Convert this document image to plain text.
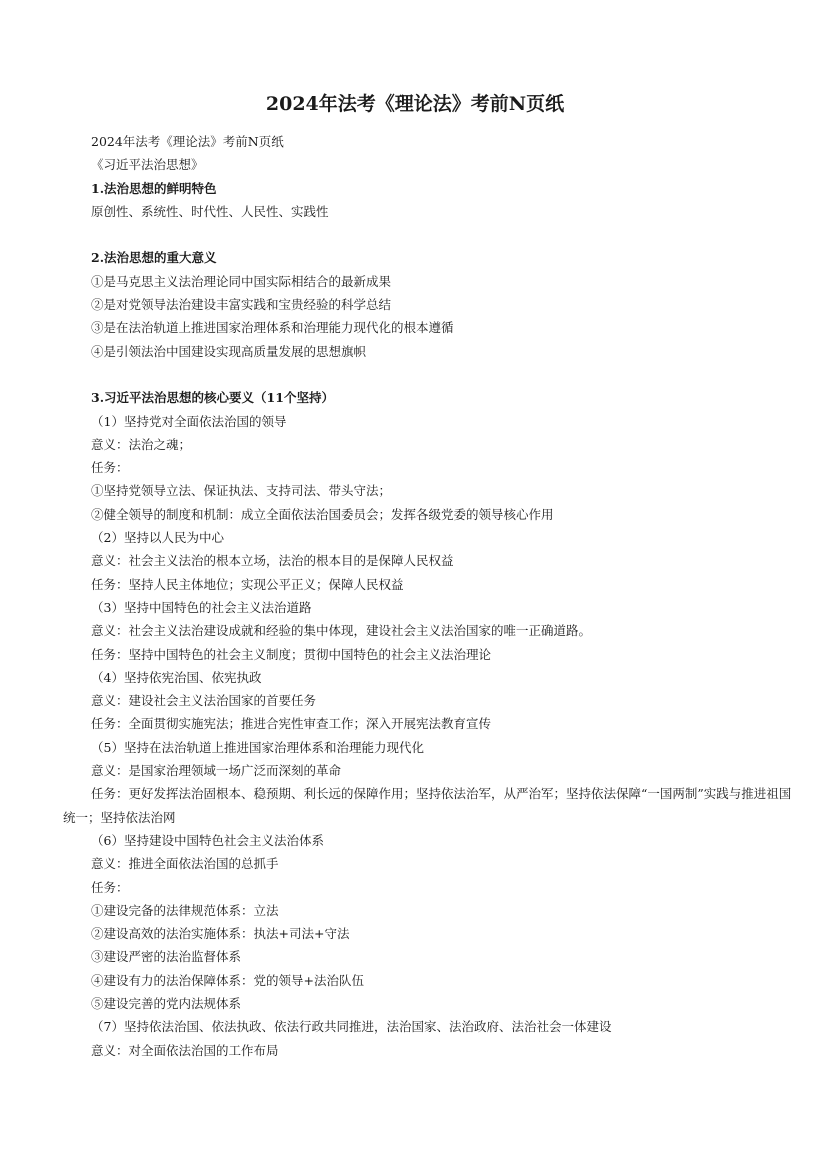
2024年法考《理论法》考前N页纸
2024年法考《理论法》考前N页纸
《习近平法治思想》
1.法治思想的鲜明特色
原创性、系统性、时代性、人民性、实践性
2.法治思想的重大意义
①是马克思主义法治理论同中国实际相结合的最新成果
②是对党领导法治建设丰富实践和宝贵经验的科学总结
③是在法治轨道上推进国家治理体系和治理能力现代化的根本遵循
④是引领法治中国建设实现高质量发展的思想旗帜
3.习近平法治思想的核心要义（11个坚持）
（1）坚持党对全面依法治国的领导
意义：法治之魂；
任务：
①坚持党领导立法、保证执法、支持司法、带头守法；
②健全领导的制度和机制：成立全面依法治国委员会；发挥各级党委的领导核心作用
（2）坚持以人民为中心
意义：社会主义法治的根本立场，法治的根本目的是保障人民权益
任务：坚持人民主体地位；实现公平正义；保障人民权益
（3）坚持中国特色的社会主义法治道路
意义：社会主义法治建设成就和经验的集中体现，建设社会主义法治国家的唯一正确道路。
任务：坚持中国特色的社会主义制度；贯彻中国特色的社会主义法治理论
（4）坚持依宪治国、依宪执政
意义：建设社会主义法治国家的首要任务
任务：全面贯彻实施宪法；推进合宪性审查工作；深入开展宪法教育宣传
（5）坚持在法治轨道上推进国家治理体系和治理能力现代化
意义：是国家治理领域一场广泛而深刻的革命
任务：更好发挥法治固根本、稳预期、利长远的保障作用；坚持依法治军，从严治军；坚持依法保障“一国两制”实践与推进祖国统一；坚持依法治网
（6）坚持建设中国特色社会主义法治体系
意义：推进全面依法治国的总抓手
任务：
①建设完备的法律规范体系：立法
②建设高效的法治实施体系：执法+司法+守法
③建设严密的法治监督体系
④建设有力的法治保障体系：党的领导+法治队伍
⑤建设完善的党内法规体系
（7）坚持依法治国、依法执政、依法行政共同推进，法治国家、法治政府、法治社会一体建设
意义：对全面依法治国的工作布局
